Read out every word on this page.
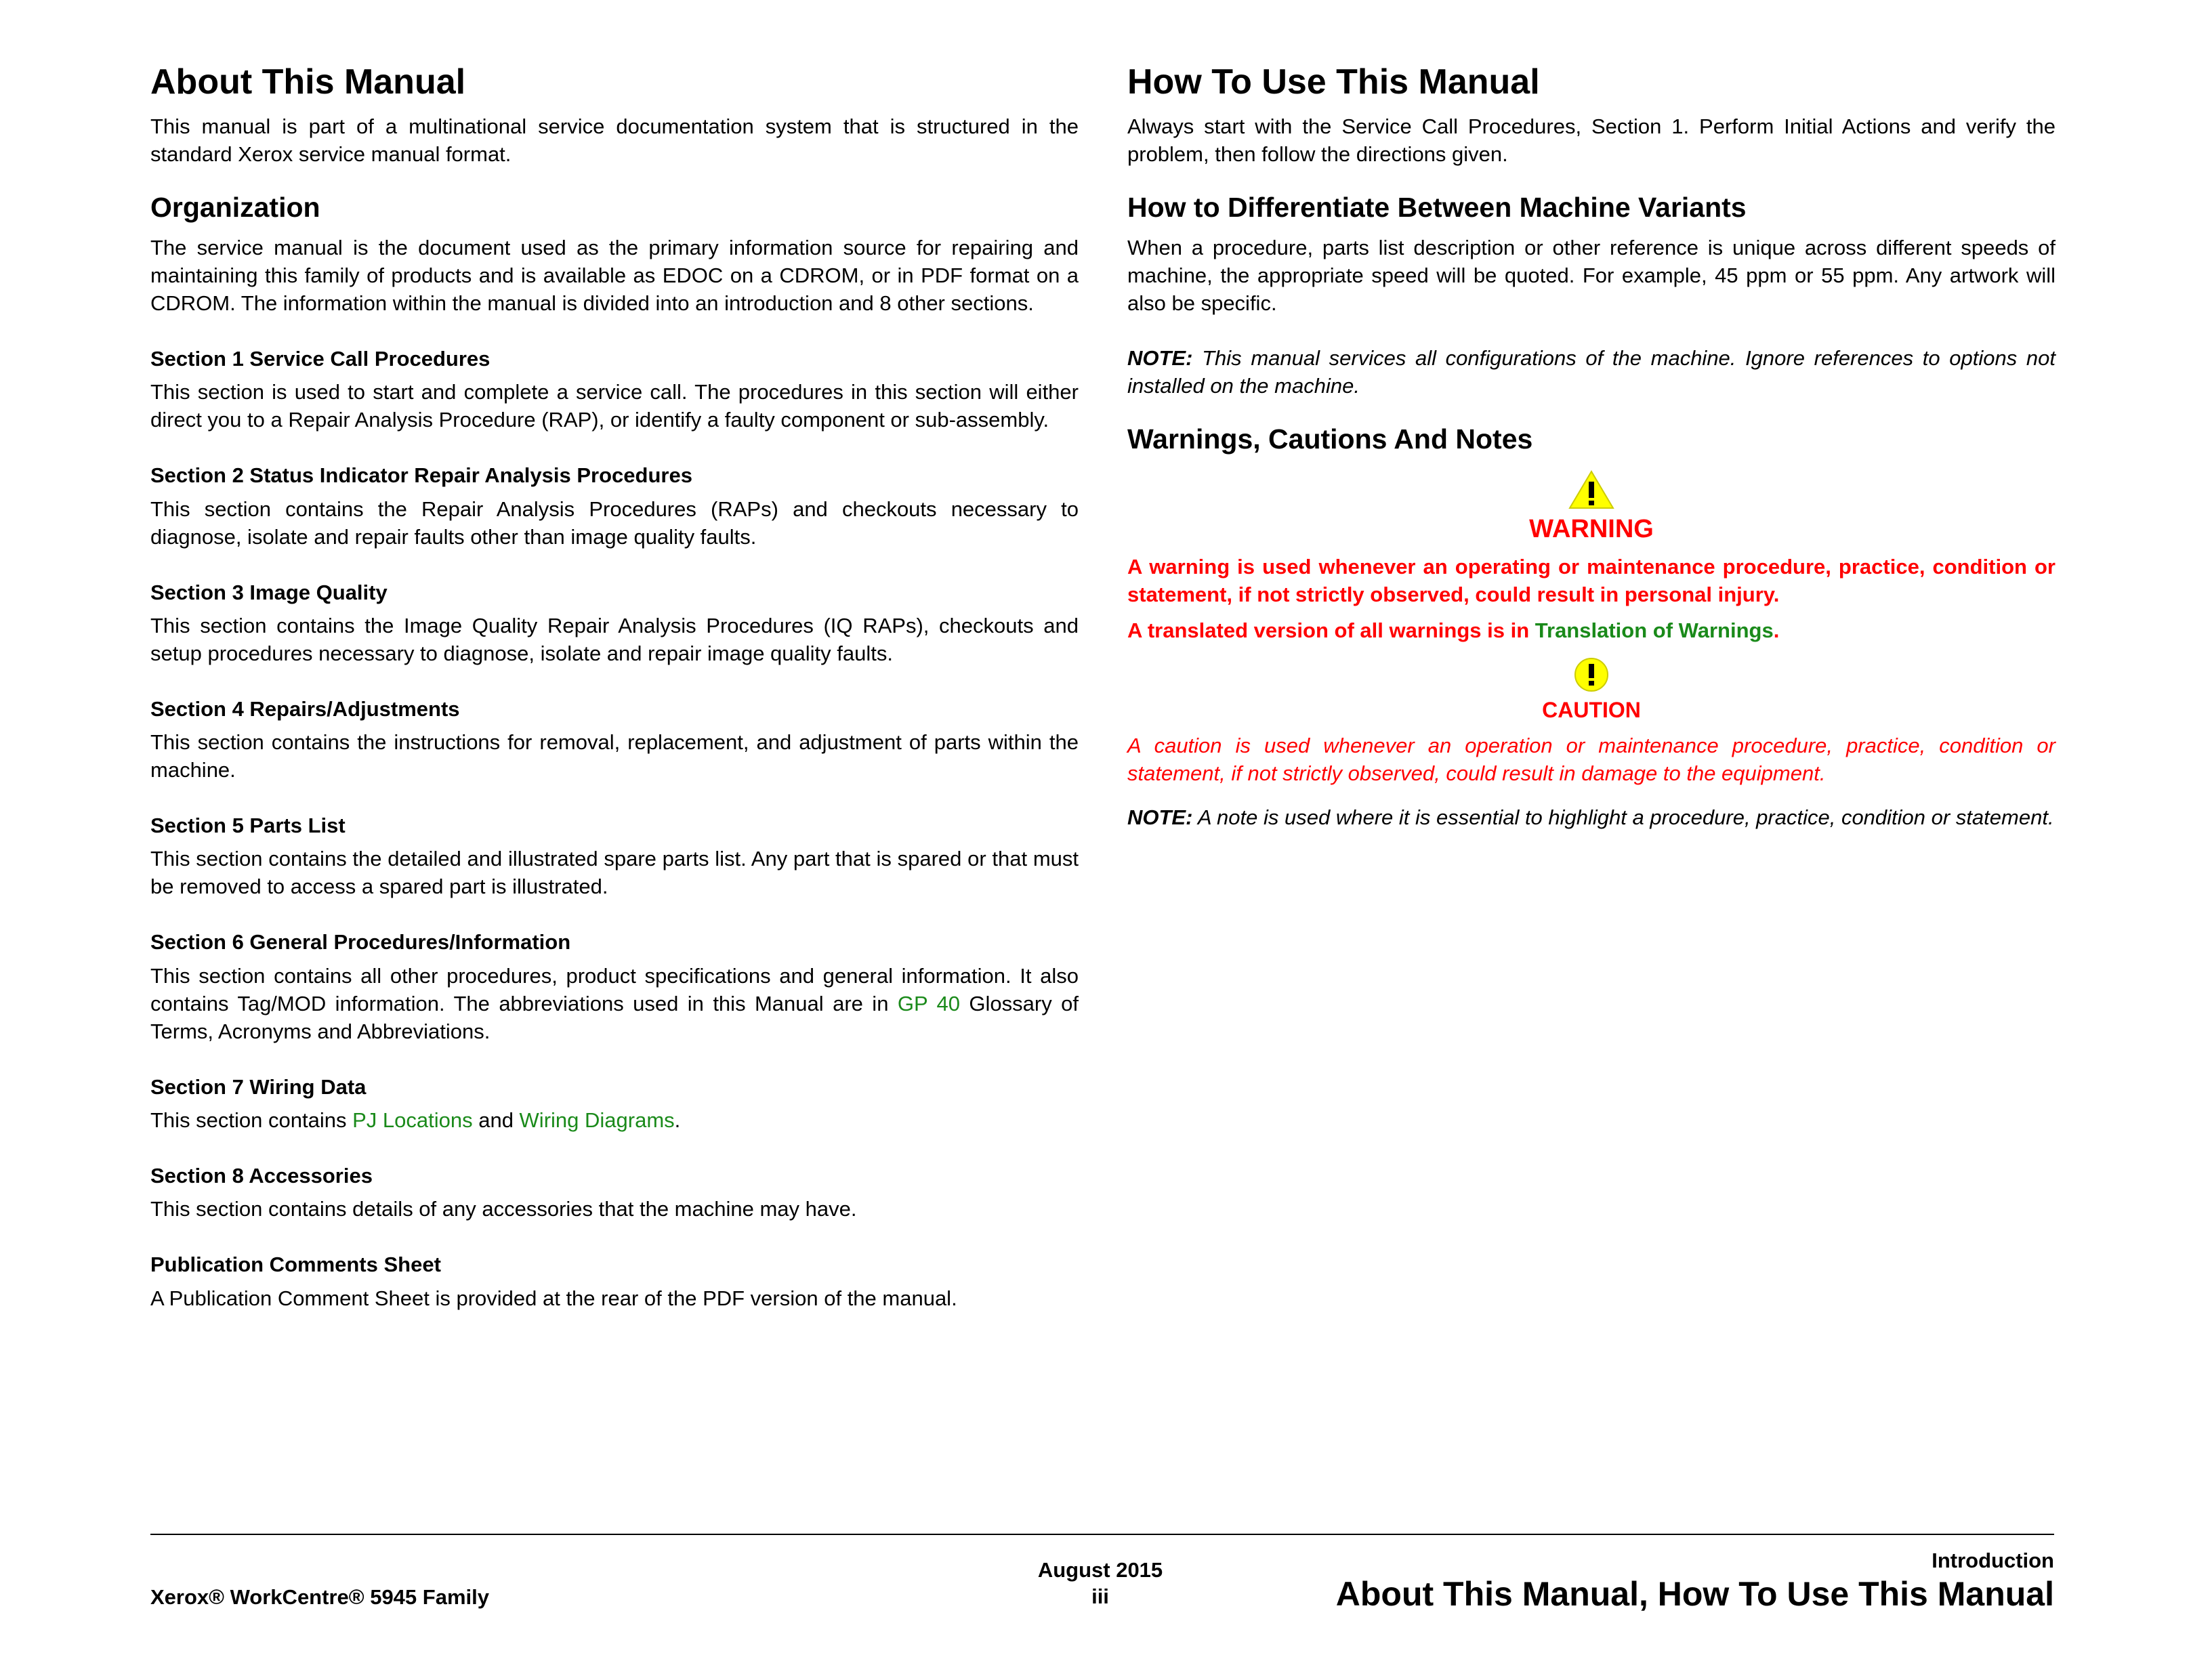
About This Manual

This manual is part of a multinational service documentation system that is structured in the standard Xerox service manual format.

Organization

The service manual is the document used as the primary information source for repairing and maintaining this family of products and is available as EDOC on a CDROM, or in PDF format on a CDROM. The information within the manual is divided into an introduction and 8 other sections.

Section 1 Service Call Procedures

This section is used to start and complete a service call. The procedures in this section will either direct you to a Repair Analysis Procedure (RAP), or identify a faulty component or sub-assembly.

Section 2 Status Indicator Repair Analysis Procedures

This section contains the Repair Analysis Procedures (RAPs) and checkouts necessary to diagnose, isolate and repair faults other than image quality faults.

Section 3 Image Quality

This section contains the Image Quality Repair Analysis Procedures (IQ RAPs), checkouts and setup procedures necessary to diagnose, isolate and repair image quality faults.

Section 4 Repairs/Adjustments

This section contains the instructions for removal, replacement, and adjustment of parts within the machine.

Section 5 Parts List

This section contains the detailed and illustrated spare parts list. Any part that is spared or that must be removed to access a spared part is illustrated.

Section 6 General Procedures/Information

This section contains all other procedures, product specifications and general information. It also contains Tag/MOD information. The abbreviations used in this Manual are in GP 40 Glossary of Terms, Acronyms and Abbreviations.

Section 7 Wiring Data

This section contains PJ Locations and Wiring Diagrams.

Section 8 Accessories

This section contains details of any accessories that the machine may have.

Publication Comments Sheet

A Publication Comment Sheet is provided at the rear of the PDF version of the manual.

How To Use This Manual

Always start with the Service Call Procedures, Section 1. Perform Initial Actions and verify the problem, then follow the directions given.

How to Differentiate Between Machine Variants

When a procedure, parts list description or other reference is unique across different speeds of machine, the appropriate speed will be quoted. For example, 45 ppm or 55 ppm. Any artwork will also be specific.

NOTE: This manual services all configurations of the machine. Ignore references to options not installed on the machine.

Warnings, Cautions And Notes
WARNING

A warning is used whenever an operating or maintenance procedure, practice, condition or statement, if not strictly observed, could result in personal injury.

A translated version of all warnings is in Translation of Warnings.

CAUTION

A caution is used whenever an operation or maintenance procedure, practice, condition or statement, if not strictly observed, could result in damage to the equipment.

NOTE: A note is used where it is essential to highlight a procedure, practice, condition or statement.

Xerox® WorkCentre® 5945 Family
August 2015
iii
Introduction
About This Manual, How To Use This Manual
